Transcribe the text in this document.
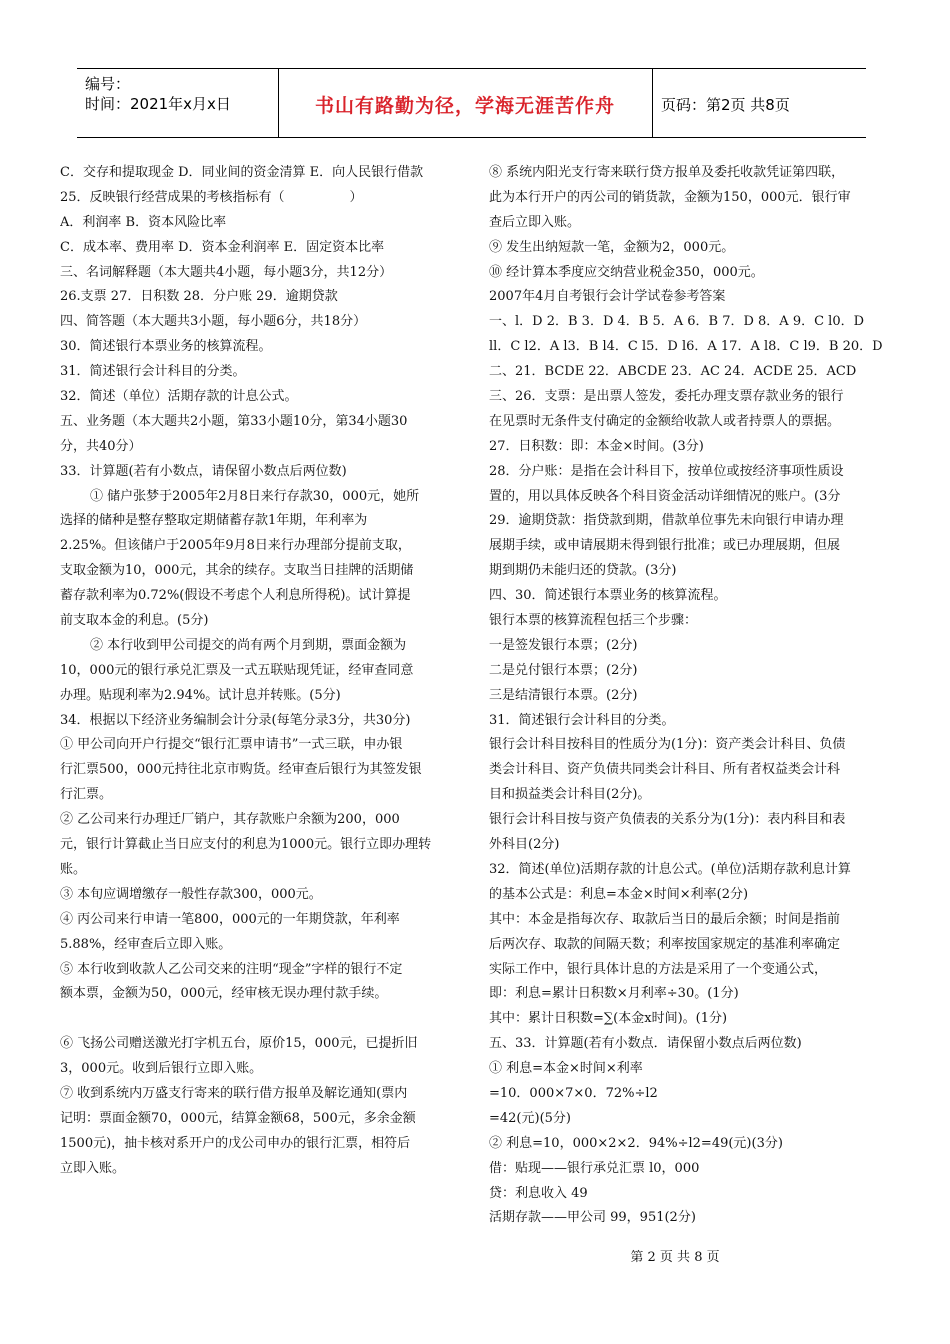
编号：
时间：2021年x月x日	书山有路勤为径，学海无涯苦作舟	页码：第2页 共8页
C．交存和提取现金 D．同业间的资金清算 E．向人民银行借款
25．反映银行经营成果的考核指标有（　　　　　）
A．利润率 B．资本风险比率
C．成本率、费用率 D．资本金利润率 E．固定资本比率
三、名词解释题（本大题共4小题，每小题3分，共12分）
26.支票 27．日积数 28．分户账 29．逾期贷款
四、简答题（本大题共3小题，每小题6分，共18分）
30．简述银行本票业务的核算流程。
31．简述银行会计科目的分类。
32．简述（单位）活期存款的计息公式。
五、业务题（本大题共2小题，第33小题10分，第34小题30
分，共40分）
33．计算题(若有小数点，请保留小数点后两位数)
① 储户张梦于2005年2月8日来行存款30，000元，她所
选择的储种是整存整取定期储蓄存款1年期，年利率为
2.25%。但该储户于2005年9月8日来行办理部分提前支取，
支取金额为10，000元，其余的续存。支取当日挂牌的活期储
蓄存款利率为0.72%(假设不考虑个人利息所得税)。试计算提
前支取本金的利息。(5分)
② 本行收到甲公司提交的尚有两个月到期，票面金额为
10，000元的银行承兑汇票及一式五联贴现凭证，经审查同意
办理。贴现利率为2.94%。试计息并转账。(5分)
34．根据以下经济业务编制会计分录(每笔分录3分，共30分)
① 甲公司向开户行提交“银行汇票申请书”一式三联，申办银
行汇票500，000元持往北京市购货。经审查后银行为其签发银
行汇票。
② 乙公司来行办理迁厂销户，其存款账户余额为200，000
元，银行计算截止当日应支付的利息为1000元。银行立即办理转
账。
③ 本旬应调增缴存一般性存款300，000元。
④ 丙公司来行申请一笔800，000元的一年期贷款，年利率
5.88%，经审查后立即入账。
⑤ 本行收到收款人乙公司交来的注明“现金”字样的银行不定
额本票，金额为50，000元，经审核无误办理付款手续。
⑥ 飞扬公司赠送激光打字机五台，原价15，000元，已提折旧
3，000元。收到后银行立即入账。
⑦ 收到系统内万盛支行寄来的联行借方报单及解讫通知(票内
记明：票面金额70，000元，结算金额68，500元，多余金额
1500元)，抽卡核对系开户的戊公司申办的银行汇票，相符后
立即入账。
⑧ 系统内阳光支行寄来联行贷方报单及委托收款凭证第四联，
此为本行开户的丙公司的销货款，金额为150，000元．银行审
查后立即入账。
⑨ 发生出纳短款一笔，金额为2，000元。
⑩ 经计算本季度应交纳营业税金350，000元。
2007年4月自考银行会计学试卷参考答案
一、l．D 2．B 3．D 4．B 5．A 6．B 7．D 8．A 9．C l0．D
ll．C l2．A l3．B l4．C l5．D l6．A 17．A l8．C l9．B 20．D
二、21．BCDE 22．ABCDE 23．AC 24．ACDE 25．ACD
三、26．支票：是出票人签发，委托办理支票存款业务的银行
在见票时无条件支付确定的金额给收款人或者持票人的票据。
27．日积数：即：本金×时间。(3分)
28．分户账：是指在会计科目下，按单位或按经济事项性质设
置的，用以具体反映各个科目资金活动详细情况的账户。(3分
29．逾期贷款：指贷款到期，借款单位事先未向银行申请办理
展期手续，或申请展期未得到银行批准；或已办理展期，但展
期到期仍未能归还的贷款。(3分)
四、30．简述银行本票业务的核算流程。
银行本票的核算流程包括三个步骤：
一是签发银行本票；(2分)
二是兑付银行本票；(2分)
三是结清银行本票。(2分)
31．简述银行会计科目的分类。
银行会计科目按科目的性质分为(1分)：资产类会计科目、负债
类会计科目、资产负债共同类会计科目、所有者权益类会计科
目和损益类会计科目(2分)。
银行会计科目按与资产负债表的关系分为(1分)：表内科目和表
外科目(2分)
32．简述(单位)活期存款的计息公式。(单位)活期存款利息计算
的基本公式是：利息=本金×时间×利率(2分)
其中：本金是指每次存、取款后当日的最后余额；时间是指前
后两次存、取款的间隔天数；利率按国家规定的基准利率确定
实际工作中，银行具体计息的方法是采用了一个变通公式，
即：利息=累计日积数×月利率÷30。(1分)
其中：累计日积数=∑(本金x时间)。(1分)
五、33．计算题(若有小数点．请保留小数点后两位数)
① 利息=本金×时间×利率
=10．000×7×0．72%÷l2
=42(元)(5分)
② 利息=10，000×2×2．94%÷l2=49(元)(3分)
借：贴现——银行承兑汇票 l0，000
贷：利息收入 49
活期存款——甲公司 99，951(2分)
第 2 页 共 8 页
